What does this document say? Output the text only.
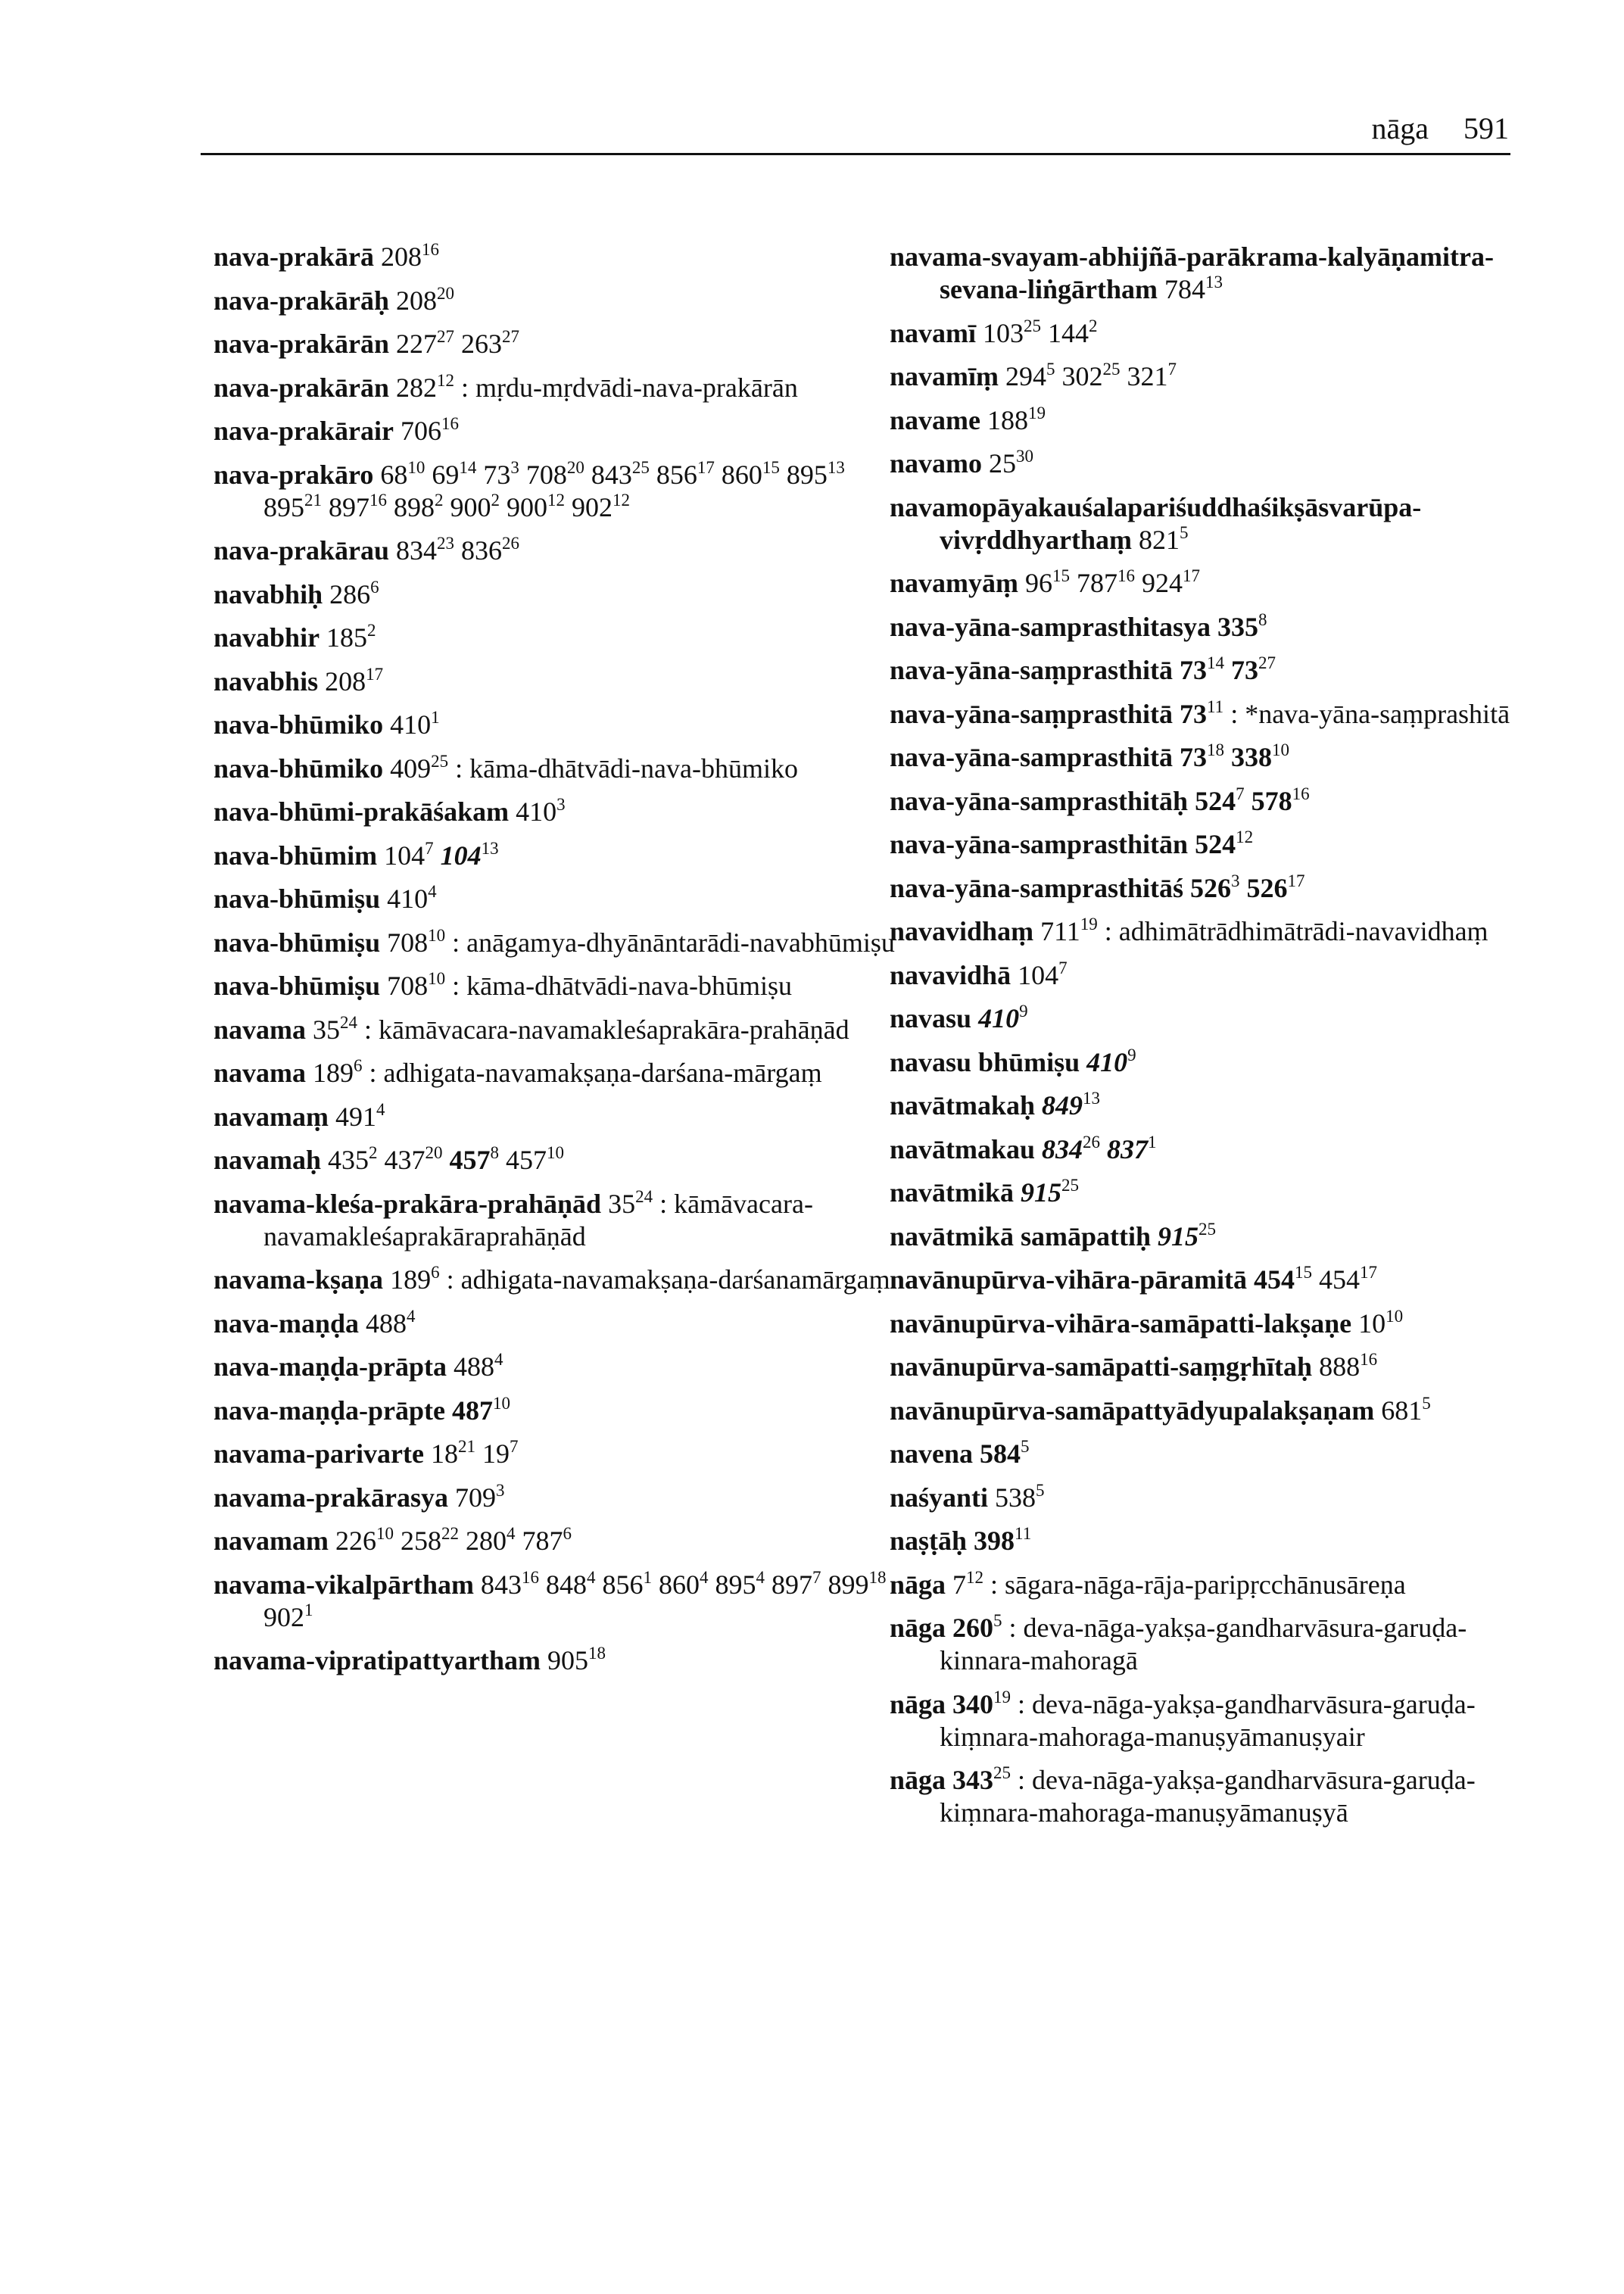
nāga 591

nava-prakārā $208^{16}$

nava-prakārāḥ $208^{20}$

nava-prakārān $227^{27}$ $263^{27}$

nava-prakārān $282^{12}$ : mṛdu-mṛdvādi-nava-prakārān

nava-prakārair $706^{16}$

nava-prakāro $68^{10}$ $69^{14}$ $73^3$ $708^{20}$ $843^{25}$ $856^{17}$ $860^{15}$ $895^{13}$ $895^{21}$ $897^{16}$ $898^2$ $900^2$ $900^{12}$ $902^{12}$

nava-prakārau $834^{23}$ $836^{26}$

navabhiḥ $286^6$

navabhir $185^2$

navabhis $208^{17}$

nava-bhūmiko $410^1$

nava-bhūmiko $409^{25}$ : kāma-dhātvādi-nava-bhūmiko

nava-bhūmi-prakāśakam $410^3$

nava-bhūmim $104^7$ $104^{13}$

nava-bhūmiṣu $410^4$

nava-bhūmiṣu $708^{10}$ : anāgamya-dhyānāntarādi-navabhūmiṣu

nava-bhūmiṣu $708^{10}$ : kāma-dhātvādi-nava-bhūmiṣu

navama $35^{24}$ : kāmāvacara-navamakleśaprakāra-prahāṇād

navama $189^6$ : adhigata-navamakṣaṇa-darśana-mārgaṃ

navamaṃ $491^4$

navamaḥ $435^2$ $437^{20}$ $457^8$ $457^{10}$

navama-kleśa-prakāra-prahāṇād $35^{24}$ : kāmāvacara-navamakleśaprakāraprahāṇād

navama-kṣaṇa $189^6$ : adhigata-navamakṣaṇa-darśanamārgaṃ

nava-maṇḍa $488^4$

nava-maṇḍa-prāpta $488^4$

nava-maṇḍa-prāpte $487^{10}$

navama-parivarte $18^{21}$ $19^7$

navama-prakārasya $709^3$

navamam $226^{10}$ $258^{22}$ $280^4$ $787^6$

navama-vikalpārtham $843^{16}$ $848^4$ $856^1$ $860^4$ $895^4$ $897^7$ $899^{18}$ $902^1$

navama-vipratipattyartham $905^{18}$

navama-svayam-abhijñā-parākrama-kalyāṇamitra-sevana-liṅgārtham $784^{13}$

navamī $103^{25}$ $144^2$

navamīṃ $294^5$ $302^{25}$ $321^7$

navame $188^{19}$

navamo $25^{30}$

navamopāyakauśalapariśuddhaśikṣāsvarūpa-vivṛddhyarthaṃ $821^5$

navamyāṃ $96^{15}$ $787^{16}$ $924^{17}$

nava-yāna-samprasthitasya $335^8$

nava-yāna-saṃprasthitā $73^{14}$ $73^{27}$

nava-yāna-saṃprasthitā $73^{11}$ : *nava-yāna-saṃprashitā

nava-yāna-samprasthitā $73^{18}$ $338^{10}$

nava-yāna-samprasthitāḥ $524^7$ $578^{16}$

nava-yāna-samprasthitān $524^{12}$

nava-yāna-samprasthitāś $526^3$ $526^{17}$

navavidhaṃ $711^{19}$ : adhimātrādhimātrādi-navavidhaṃ

navavidhā $104^7$

navasu $410^9$

navasu bhūmiṣu $410^9$

navātmakaḥ $849^{13}$

navātmakau $834^{26}$ $837^1$

navātmikā $915^{25}$

navātmikā samāpattiḥ $915^{25}$

navānupūrva-vihāra-pāramitā $454^{15}$ $454^{17}$

navānupūrva-vihāra-samāpatti-lakṣaṇe $10^{10}$

navānupūrva-samāpatti-saṃgṛhītaḥ $888^{16}$

navānupūrva-samāpattyādyupalakṣaṇam $681^5$

navena $584^5$

naśyanti $538^5$

naṣṭāḥ $398^{11}$

nāga $7^{12}$ : sāgara-nāga-rāja-paripṛcchānusāreṇa

nāga $260^5$ : deva-nāga-yakṣa-gandharvāsura-garuḍa-kinnara-mahoragā

nāga $340^{19}$ : deva-nāga-yakṣa-gandharvāsura-garuḍa-kiṃnara-mahoraga-manuṣyāmanuṣyair

nāga $343^{25}$ : deva-nāga-yakṣa-gandharvāsura-garuḍa-kiṃnara-mahoraga-manuṣyāmanuṣyā
